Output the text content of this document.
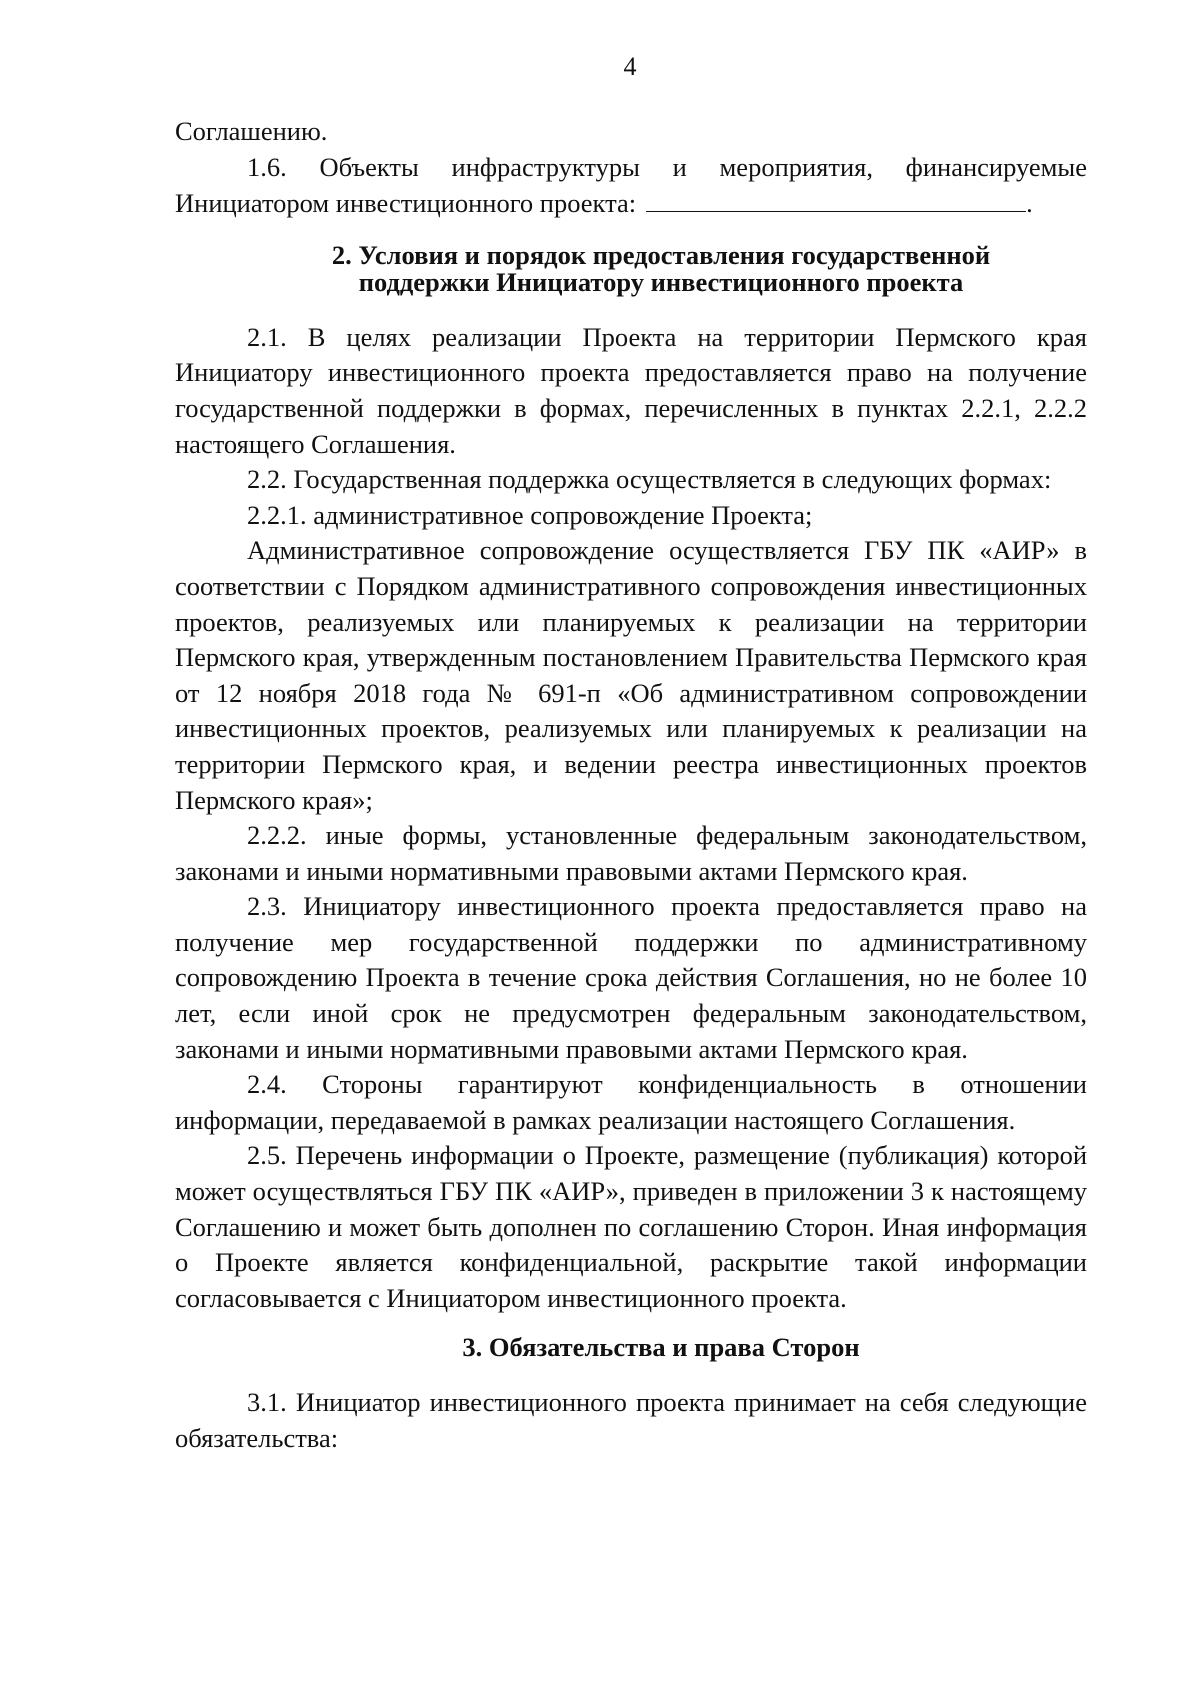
4

Соглашению.

1.6. Объекты инфраструктуры и мероприятия, финансируемые Инициатором инвестиционного проекта:	.

2. Условия и порядок предоставления государственной
поддержки Инициатору инвестиционного проекта

2.1. В целях реализации Проекта на территории Пермского края Инициатору инвестиционного проекта предоставляется право на получение государственной поддержки в формах, перечисленных в пунктах 2.2.1, 2.2.2 настоящего Соглашения.

2.2. Государственная поддержка осуществляется в следующих формах:

2.2.1. административное сопровождение Проекта;

Административное сопровождение осуществляется ГБУ ПК «АИР» в соответствии с Порядком административного сопровождения инвестиционных проектов, реализуемых или планируемых к реализации на территории Пермского края, утвержденным постановлением Правительства Пермского края от 12 ноября 2018 года № 691-п «Об административном сопровождении инвестиционных проектов, реализуемых или планируемых к реализации на территории Пермского края, и ведении реестра инвестиционных проектов Пермского края»;

2.2.2. иные формы, установленные федеральным законодательством, законами и иными нормативными правовыми актами Пермского края.

2.3. Инициатору инвестиционного проекта предоставляется право на получение мер государственной поддержки по административному сопровождению Проекта в течение срока действия Соглашения, но не более 10 лет, если иной срок не предусмотрен федеральным законодательством, законами и иными нормативными правовыми актами Пермского края.

2.4. Стороны гарантируют конфиденциальность в отношении информации, передаваемой в рамках реализации настоящего Соглашения.

2.5. Перечень информации о Проекте, размещение (публикация) которой может осуществляться ГБУ ПК «АИР», приведен в приложении 3 к настоящему Соглашению и может быть дополнен по соглашению Сторон. Иная информация о Проекте является конфиденциальной, раскрытие такой информации согласовывается с Инициатором инвестиционного проекта.

3. Обязательства и права Сторон

3.1. Инициатор инвестиционного проекта принимает на себя следующие обязательства:
